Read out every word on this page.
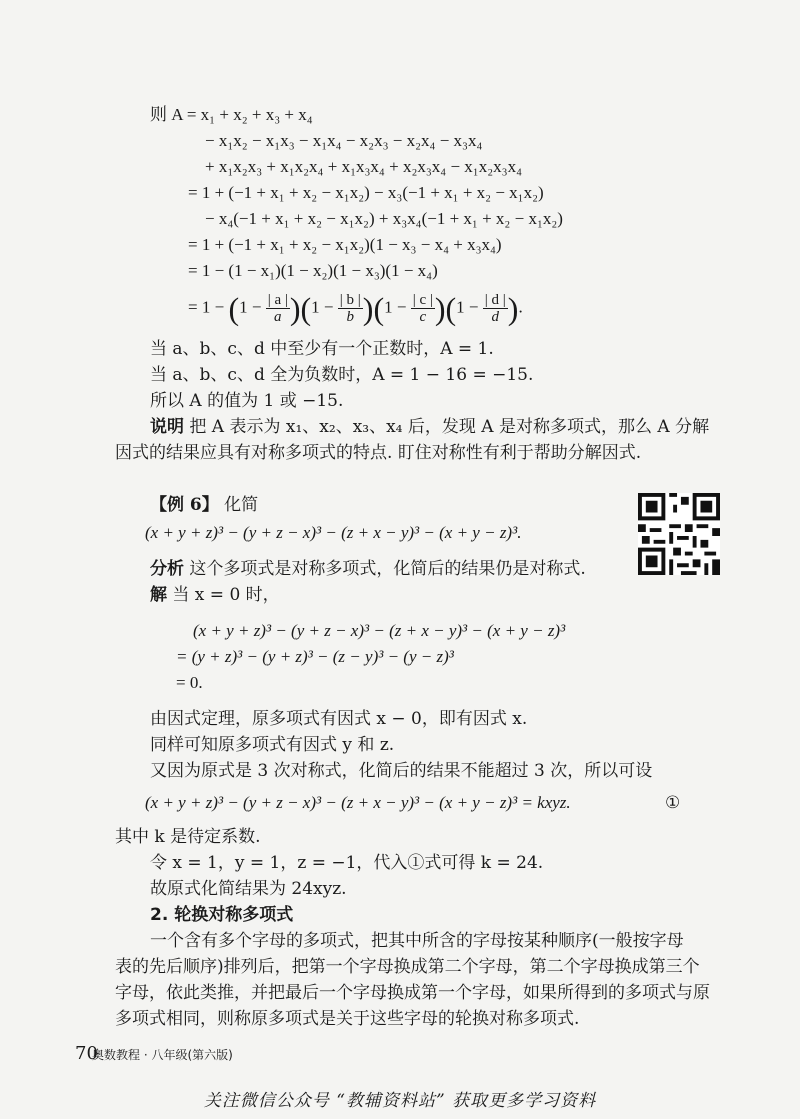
则 A = x₁ + x₂ + x₃ + x₄
− x₁x₂ − x₁x₃ − x₁x₄ − x₂x₃ − x₂x₄ − x₃x₄
+ x₁x₂x₃ + x₁x₂x₄ + x₁x₃x₄ + x₂x₃x₄ − x₁x₂x₃x₄
= 1 + (−1 + x₁ + x₂ − x₁x₂) − x₃(−1 + x₁ + x₂ − x₁x₂)
− x₄(−1 + x₁ + x₂ − x₁x₂) + x₃x₄(−1 + x₁ + x₂ − x₁x₂)
= 1 + (−1 + x₁ + x₂ − x₁x₂)(1 − x₃ − x₄ + x₃x₄)
= 1 − (1 − x₁)(1 − x₂)(1 − x₃)(1 − x₄)
= $1 - (1 - \frac{| a |}{a} )(1 - \frac{| b |}{b} )(1 - \frac{| c |}{c} )(1 - \frac{| d |}{d}$ ).
当 a、b、c、d 中至少有一个正数时，A = 1.
当 a、b、c、d 全为负数时，A = 1 − 16 = −15.
所以 A 的值为 1 或 −15.
说明 把 A 表示为 x₁、x₂、x₃、x₄ 后，发现 A 是对称多项式，那么 A 分解
因式的结果应具有对称多项式的特点. 盯住对称性有利于帮助分解因式.
【例 6】 化简
(x + y + z)³ − (y + z − x)³ − (z + x − y)³ − (x + y − z)³.
分析 这个多项式是对称多项式，化简后的结果仍是对称式.
解 当 x = 0 时，
(x + y + z)³ − (y + z − x)³ − (z + x − y)³ − (x + y − z)³
= (y + z)³ − (y + z)³ − (z − y)³ − (y − z)³
= 0.
由因式定理，原多项式有因式 x − 0，即有因式 x.
同样可知原多项式有因式 y 和 z.
又因为原式是 3 次对称式，化简后的结果不能超过 3 次，所以可设
(x + y + z)³ − (y + z − x)³ − (z + x − y)³ − (x + y − z)³ = kxyz.	①
其中 k 是待定系数.
令 x = 1，y = 1，z = −1，代入①式可得 k = 24.
故原式化简结果为 24xyz.
2. 轮换对称多项式
一个含有多个字母的多项式，把其中所含的字母按某种顺序(一般按字母
表的先后顺序)排列后，把第一个字母换成第二个字母，第二个字母换成第三个
字母，依此类推，并把最后一个字母换成第一个字母，如果所得到的多项式与原
多项式相同，则称原多项式是关于这些字母的轮换对称多项式.
70
奥数教程 · 八年级(第六版)
关注微信公众号 “教辅资料站” 获取更多学习资料
